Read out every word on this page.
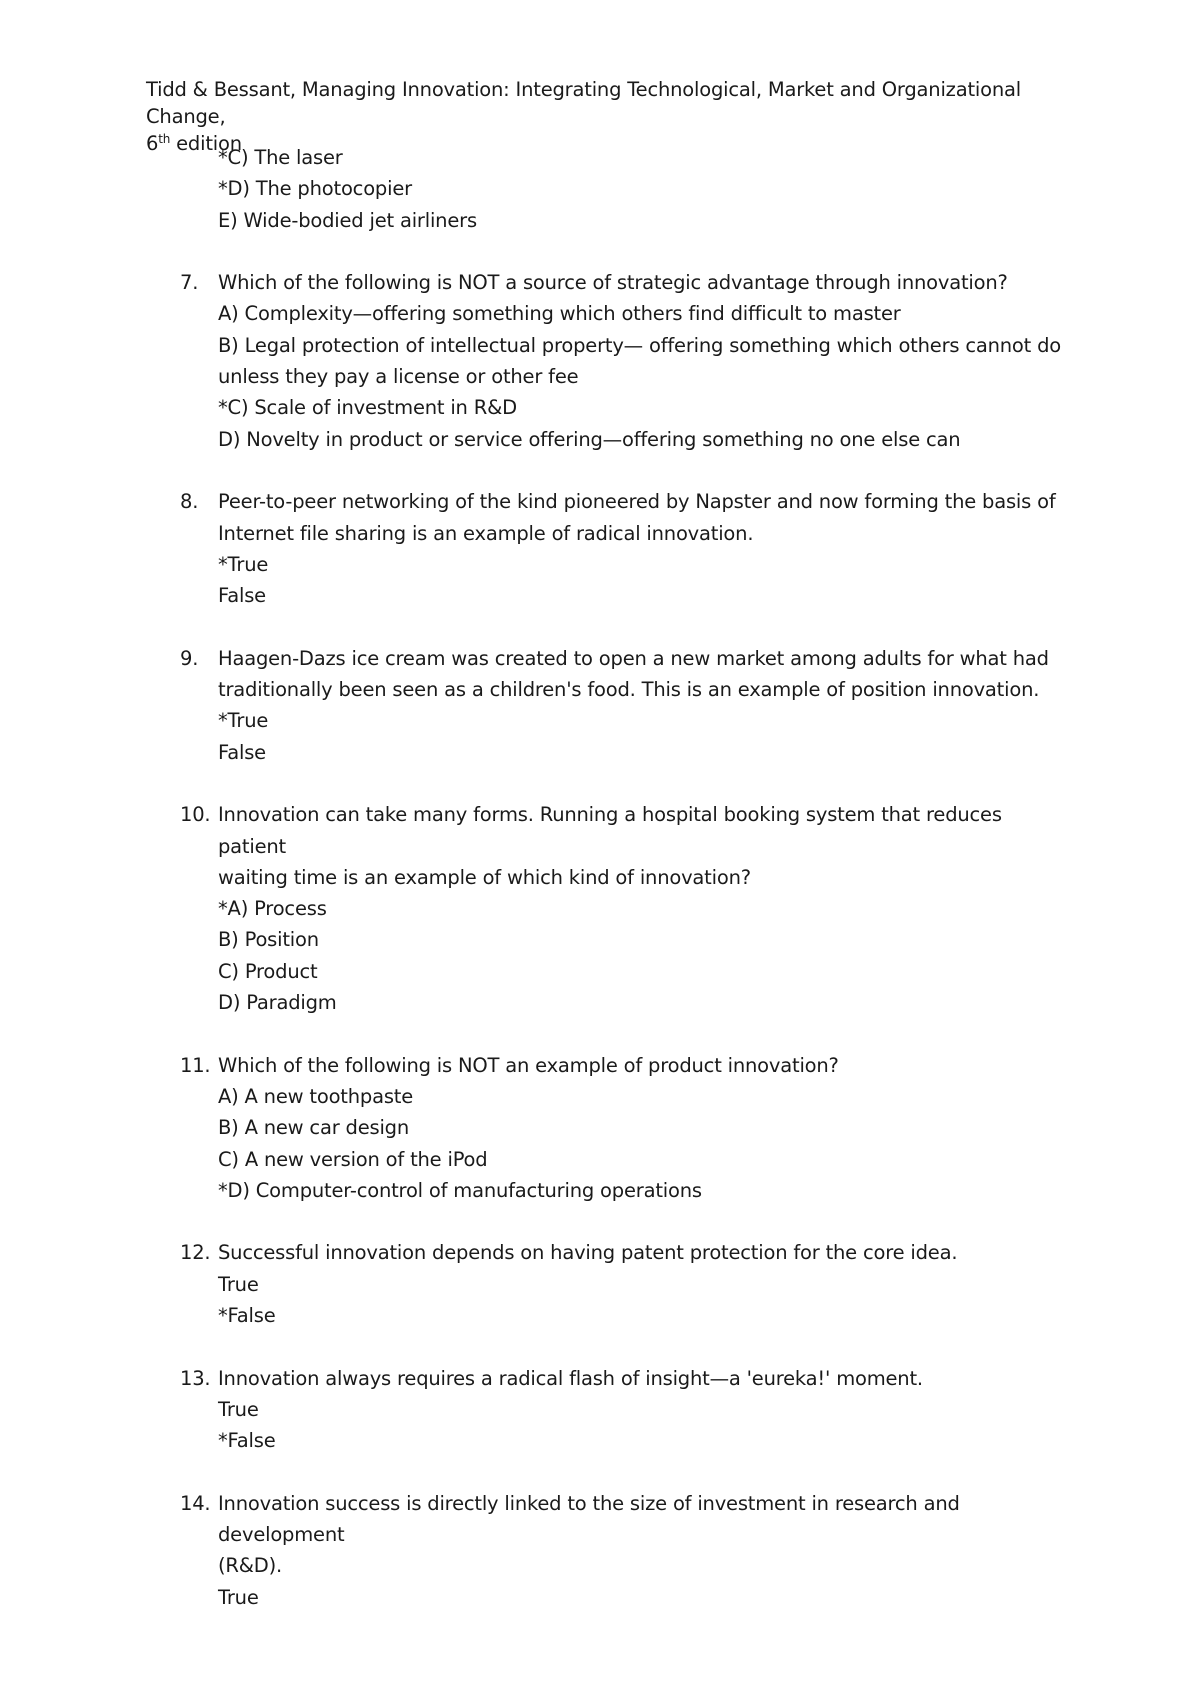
Tidd & Bessant, Managing Innovation: Integrating Technological, Market and Organizational Change,
6th edition
*C) The laser
*D) The photocopier
E) Wide-bodied jet airliners
7. Which of the following is NOT a source of strategic advantage through innovation?
A) Complexity—offering something which others find difficult to master
B) Legal protection of intellectual property— offering something which others cannot do
unless they pay a license or other fee
*C) Scale of investment in R&D
D) Novelty in product or service offering—offering something no one else can
8. Peer-to-peer networking of the kind pioneered by Napster and now forming the basis of
Internet file sharing is an example of radical innovation.
*True
False
9. Haagen-Dazs ice cream was created to open a new market among adults for what had
traditionally been seen as a children's food. This is an example of position innovation.
*True
False
10. Innovation can take many forms. Running a hospital booking system that reduces patient
waiting time is an example of which kind of innovation?
*A) Process
B) Position
C) Product
D) Paradigm
11. Which of the following is NOT an example of product innovation?
A) A new toothpaste
B) A new car design
C) A new version of the iPod
*D) Computer-control of manufacturing operations
12. Successful innovation depends on having patent protection for the core idea.
True
*False
13. Innovation always requires a radical flash of insight—a 'eureka!' moment.
True
*False
14. Innovation success is directly linked to the size of investment in research and development
(R&D).
True
